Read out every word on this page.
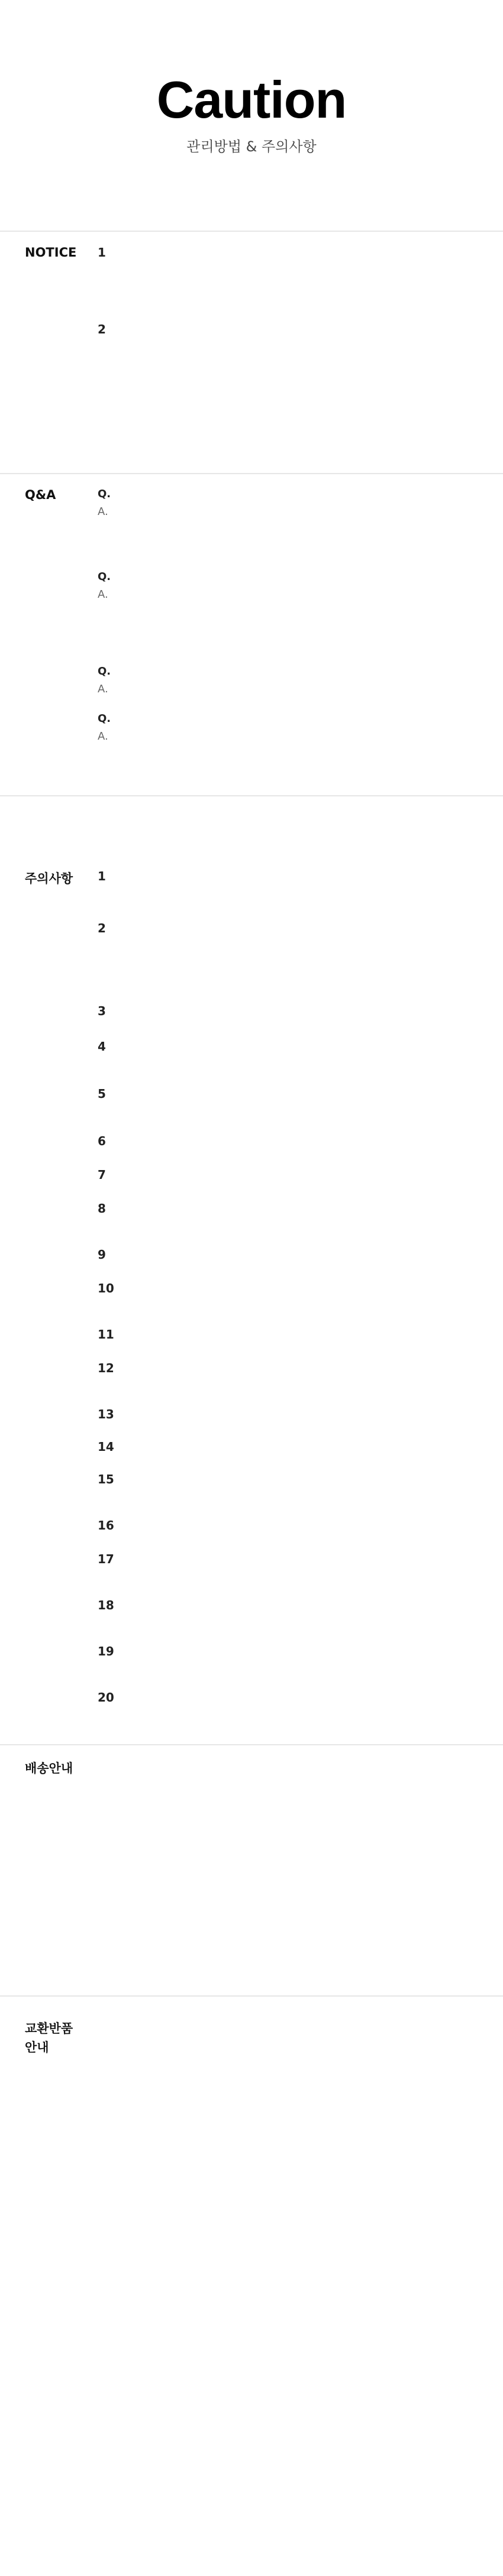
Caution
관리방법 & 주의사항
NOTICE 1
2
Q&A	Q.
A.
Q.
A.
Q.
A.
Q.
A.
주의사항 1
2
3
4
5
6
7
8
9
10
11
12
13
14
15
16
17
18
19
20
배송안내
교환반품
안내
